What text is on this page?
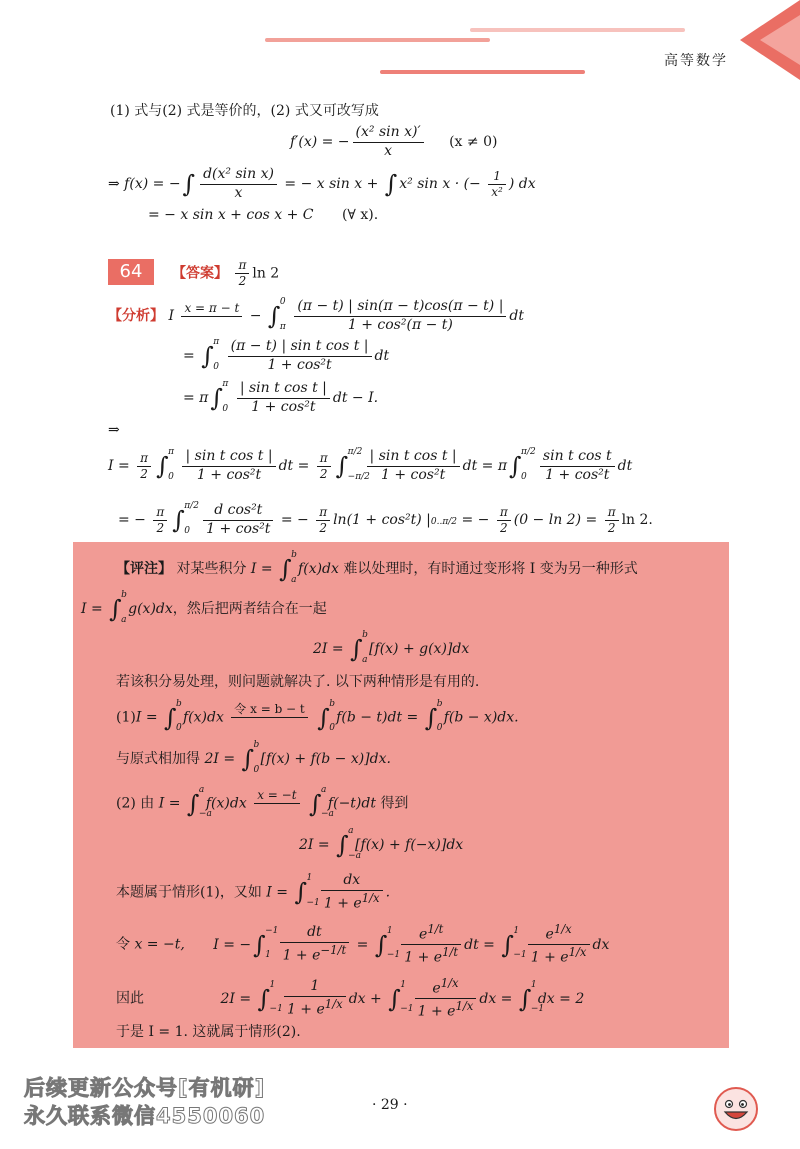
高等数学
(1) 式与(2) 式是等价的，(2) 式又可改写成
f′(x) = − $\frac{\text{(x² sin x)′}}{x} (x \ne 0)$
⇒ f(x) = −∫ $\frac{\text{d(x² sin x)}}{x}$ = − x sin x + ∫ x² sin x · (− $\frac{1}{\text{x²}}$ ) dx
= − x sin x + cos x + C (∀ x).
64	【答案】 $\frac{\pi}{2}$ ln 2
【分析】 I
x = π − t

− ∫ 0
π
$\frac{(\pi - t) | \sin(\pi - t)\cos(\pi - t) |}{\text{1 + cos²(π − t)}}$ dt
= ∫ π
0
$\frac{\text{(π − t) | sin t cos t |}}{\text{1 + cos²t}}$ dt
= π∫ π
0
$\frac{\text{| sin t cos t |}}{\text{1 + cos²t}}$ dt − I.
⇒
$I = \frac{\pi}{2}$ ∫ π
0
$\frac{\text{| sin t cos t |}}{\text{1 + cos²t}}$ dt = $\frac{\pi}{2}$ ∫ π/2
−π/2

$\frac{\text{| sin t cos t |}}{\text{1 + cos²t}}$ dt = π∫ π/2
0
$\frac{\text{sin t cos t}}{\text{1 + cos²t}}$ dt
= − $\frac{\pi}{2}$ ∫ π/2
0
$\frac{\text{d cos²t}}{\text{1 + cos²t}}$ = − $\frac{\pi}{2} \ln(1 + \cos^2t) |0..\pi/2$ = − $\frac{\pi}{2} (0 - \ln 2) = \frac{\pi}{2}$ ln 2.
【评注】 对某些积分 I = ∫ b
a
f(x)dx 难以处理时，有时通过变形将 I 变为另一种形式
I = ∫ b
a
g(x)dx，然后把两者结合在一起
2I = ∫ b
a
[f(x) + g(x)]dx
若该积分易处理，则问题就解决了. 以下两种情形是有用的.
(1)I = ∫ b
0
f(x)dx
令 x = b − t
∫ b
0
f(b − t)dt = ∫ b
0
f(b − x)dx.
与原式相加得 2I = ∫ b
0
[f(x) + f(b − x)]dx.
(2) 由 I = ∫ a
−a
f(x)dx
x = −t
∫ a
−a
f(−t)dt 得到
2I = ∫ a
−a
[f(x) + f(−x)]dx
本题属于情形(1)，又如 I = ∫ 1
−1
$\frac{dx}{1 + e^{1/x}}$ .
令 x = −t, I = −∫ −1
1
$\frac{dt}{1 + e^{-1/t}}$ = ∫ 1
−1
$\frac{e^{1/t}}{1 + e^{1/t}}$ dt = ∫ 1
−1
$\frac{e^{1/x}}{1 + e^{1/x}}$ dx
因此	2I = ∫ 1
−1
$\frac{1}{1 + e^{1/x}}$ dx + ∫ 1
−1
$\frac{e^{1/x}}{1 + e^{1/x}}$ dx = ∫ 1
−1
dx = 2
于是 I = 1. 这就属于情形(2).
· 29 ·
后续更新公众号[有机研]
永久联系微信4550060
